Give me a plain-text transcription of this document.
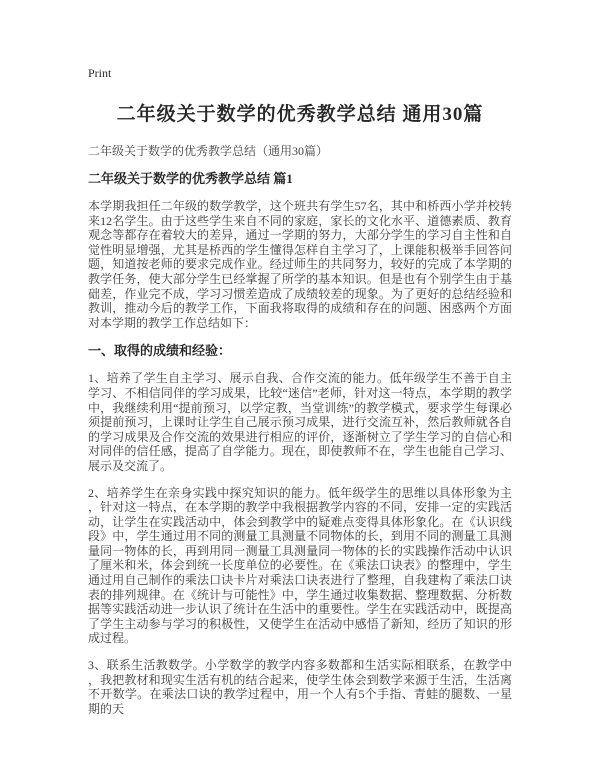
Print
二年级关于数学的优秀教学总结 通用30篇

二年级关于数学的优秀教学总结（通用30篇）

二年级关于数学的优秀教学总结 篇1

本学期我担任二年级的数学教学，这个班共有学生57名，其中和桥西小学并校转来12名学生。由于这些学生来自不同的家庭，家长的文化水平、道德素质、教育观念等都存在着较大的差异，通过一学期的努力，大部分学生的学习自主性和自觉性明显增强，尤其是桥西的学生懂得怎样自主学习了，上课能积极举手回答问题，知道按老师的要求完成作业。经过师生的共同努力，较好的完成了本学期的教学任务，使大部分学生已经掌握了所学的基本知识。但是也有个别学生由于基础差，作业完不成，学习习惯差造成了成绩较差的现象。为了更好的总结经验和教训，推动今后的教学工作，下面我将取得的成绩和存在的问题、困惑两个方面对本学期的教学工作总结如下：

一、取得的成绩和经验：

1、培养了学生自主学习、展示自我、合作交流的能力。低年级学生不善于自主学习、不相信同伴的学习成果，比较“迷信”老师，针对这一特点，本学期的教学中，我继续利用“提前预习，以学定教，当堂训练”的教学模式，要求学生每课必须提前预习，上课时让学生自己展示预习成果，进行交流互补，然后教师就各自的学习成果及合作交流的效果进行相应的评价，逐渐树立了学生学习的自信心和对同伴的信任感，提高了自学能力。现在，即使教师不在，学生也能自己学习、展示及交流了。

2、培养学生在亲身实践中探究知识的能力。低年级学生的思维以具体形象为主，针对这一特点，在本学期的教学中我根据教学内容的不同，安排一定的实践活动，让学生在实践活动中，体会到教学中的疑难点变得具体形象化。在《认识线段》中，学生通过用不同的测量工具测量不同物体的长，到用不同的测量工具测量同一物体的长，再到用同一测量工具测量同一物体的长的实践操作活动中认识了厘米和米，体会到统一长度单位的必要性。在《乘法口诀表》的整理中，学生通过用自己制作的乘法口诀卡片对乘法口诀表进行了整理，自我建构了乘法口诀表的排列规律。在《统计与可能性》中，学生通过收集数据、整理数据、分析数据等实践活动进一步认识了统计在生活中的重要性。学生在实践活动中，既提高了学生主动参与学习的积极性，又使学生在活动中感悟了新知，经历了知识的形成过程。

3、联系生活教数学。小学数学的教学内容多数都和生活实际相联系，在教学中，我把教材和现实生活有机的结合起来，使学生体会到数学来源于生活，生活离不开数学。在乘法口诀的教学过程中，用一个人有5个手指、青蛙的腿数、一星期的天
